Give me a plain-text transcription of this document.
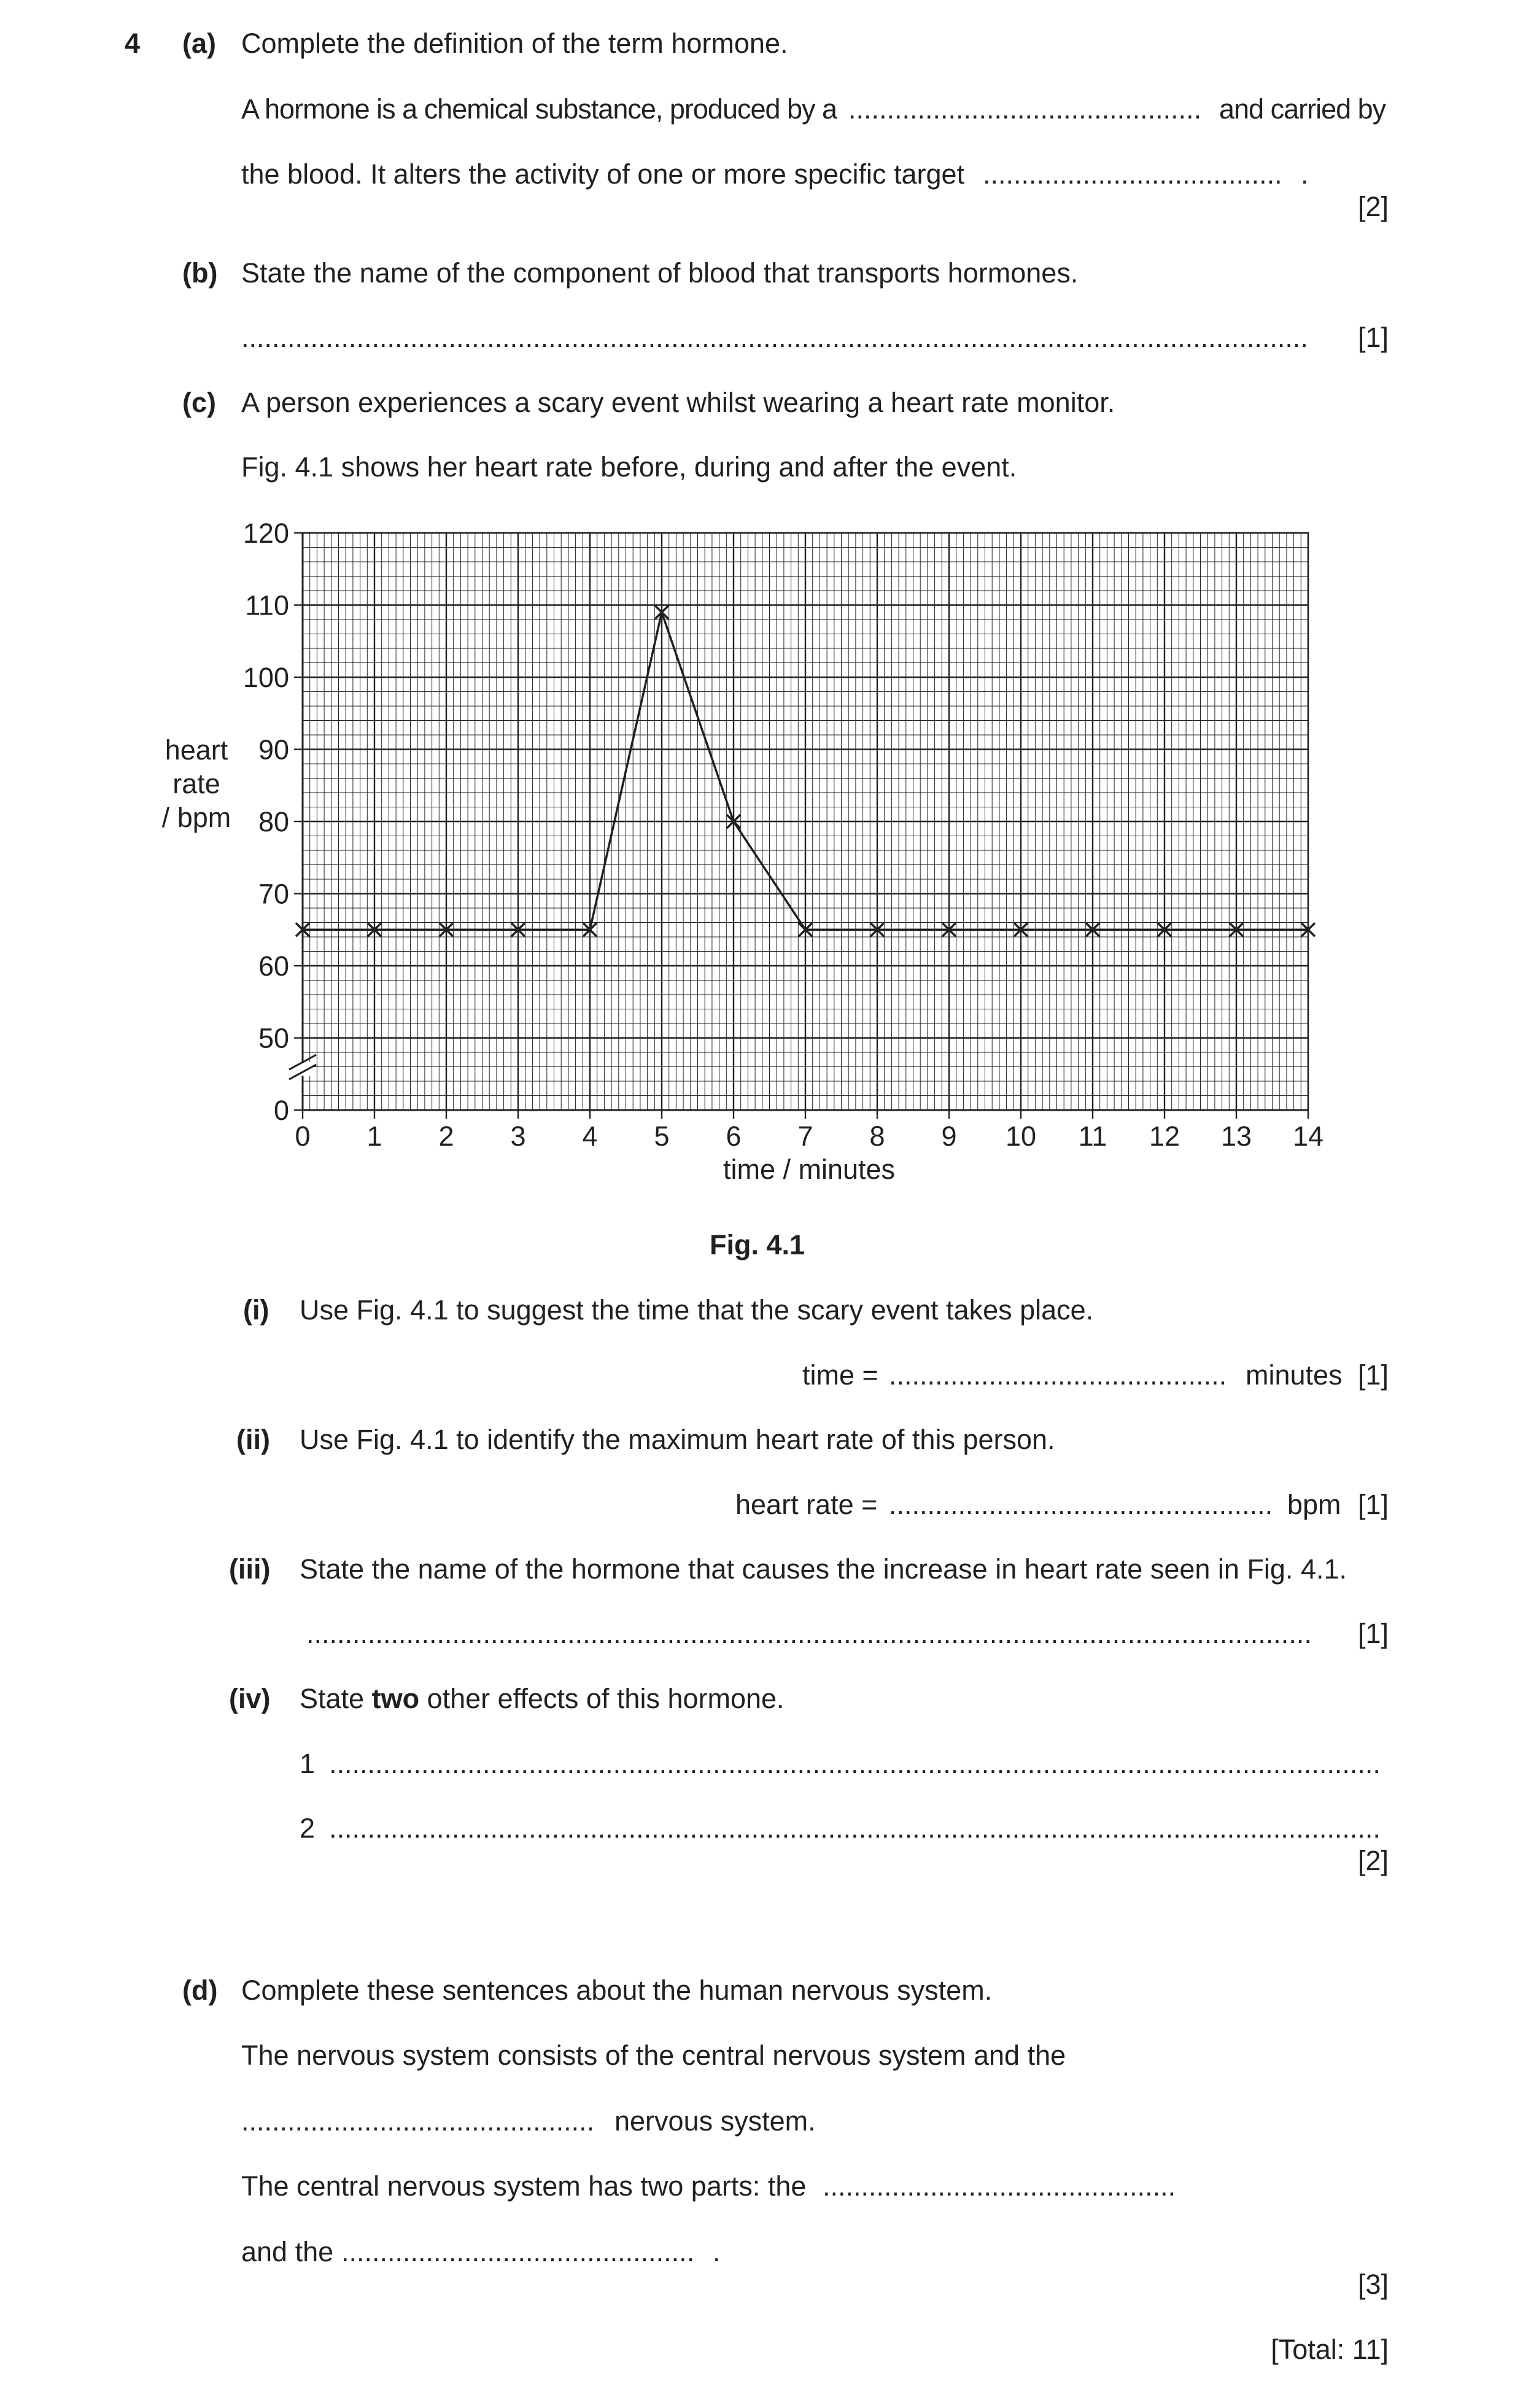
4 (a) Complete the definition of the term hormone.
A hormone is a chemical substance, produced by a .............................................. and carried by
the blood. It alters the activity of one or more specific target ....................................... .
[2]
(b) State the name of the component of blood that transports hormones.
........................................................................................................................................... [1]
(c) A person experiences a scary event whilst wearing a heart rate monitor.
Fig. 4.1 shows her heart rate before, during and after the event.
0 1 2 3 4 5 6 7 8 9 10 11 12 13 14
0
50
60
70
80
90
100
110
120
heart
rate
/ bpm
time / minutes
Fig. 4.1
(i) Use Fig. 4.1 to suggest the time that the scary event takes place.
time = ............................................ minutes [1]
(ii) Use Fig. 4.1 to identify the maximum heart rate of this person.
heart rate = .................................................. bpm [1]
(iii) State the name of the hormone that causes the increase in heart rate seen in Fig. 4.1.
................................................................................................................................... [1]
(iv) State two other effects of this hormone.
1 .........................................................................................................................................
2 .........................................................................................................................................
[2]
(d) Complete these sentences about the human nervous system.
The nervous system consists of the central nervous system and the
.............................................. nervous system.
The central nervous system has two parts: the ..............................................
and the .............................................. .
[3]
[Total: 11]
